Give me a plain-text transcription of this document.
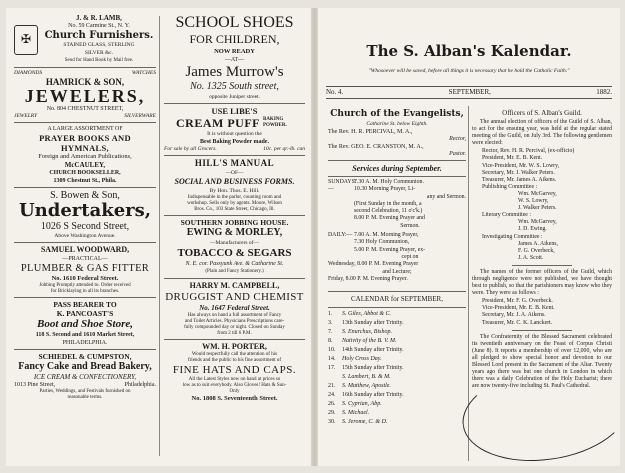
✠
J. & R. LAMB,
No. 59 Carmine St., N. Y.
Church Furnishers.
STAINED GLASS, STERLING
SILVER &c.
Send for Hand Book by Mail free.
DIAMONDS	WATCHES
HAMRICK & SON,
JEWELERS,
No. 804 CHESTNUT STREET,
JEWELRY	SILVERWARE
A LARGE ASSORTMENT OF
PRAYER BOOKS AND HYMNALS,
Foreign and American Publications,
McCAULEY,
CHURCH BOOKSELLER,
1309 Chestnut St., Phila.
S. Bowen & Son,
Undertakers,
1026 S Second Street,
Above Washington Avenue.
SAMUEL WOODWARD,
—PRACTICAL—
PLUMBER & GAS FITTER
No. 1610 Federal Street.
Jobbing Promptly attended to. Order received
for Bricklaying in all its branches.
PASS BEARER TO
K. PANCOAST'S
Boot and Shoe Store,
118 S. Second and 1610 Market Street,
PHILADELPHIA.
SCHIEDEL & CUMPSTON,
Fancy Cake and Bread Bakery,
ICE CREAM & CONFECTIONERY,
1013 Pine Street,	Philadelphia.
Parties, Weddings, and Festivals furnished on
reasonable terms.
SCHOOL SHOES
FOR CHILDREN,
NOW READY
—AT—
James Murrow's
No. 1325 South street,
opposite Juniper street.
USE LIBE'S
CREAM PUFF BAKING POWDER.
It is without question the
Best Baking Powder made.
For sale by all Grocers.	10c. per qr.-lb. can
HILL'S MANUAL
—OF—
SOCIAL AND BUSINESS FORMS.
By Hon. Thos. E. Hill.
Indispensable in the parlor, counting room and
workshop. Sells only by agents. Moore, Wilson
Bros. Co., 103 State Street, Chicago, Ill.
SOUTHERN JOBBING HOUSE.
EWING & MORLEY,
—Manufacturers of—
TOBACCO & SEGARS
N. E. cor. Passyunk Ave. & Catharine St.
(Plain and Fancy Stationery.)
HARRY M. CAMPBELL,
DRUGGIST AND CHEMIST
No. 1647 Federal Street.
Has always on hand a full assortment of Fancy
and Toilet Articles. Physicians Prescriptions care-
fully compounded day or night. Closed on Sunday
from 2 till 6 P.M.
WM. H. PORTER,
Would respectfully call the attention of his
friends and the public to his fine assortment of
FINE HATS AND CAPS.
All the Latest Styles now on hand at prices so
low as to suit everybody. Also Gloves! Hats & Sun-
Only
No. 1808 S. Seventeenth Street.
The S. Alban's Kalendar.
"Whosoever will be saved, before all things it is necessary that he hold the Catholic Faith."
No. 4.	SEPTEMBER,	1882.
Church of the Evangelists,
Catharine St. below Eighth.
The Rev. H. R. PERCIVAL, M. A.,
Rector,
The Rev. GEO. E. CRANSTON, M. A.,
Pastor.
Services during September.
SUNDAYS:—
7.30 A. M. Holy Communion.
10.30 Morning Prayer, Li-
any and Sermon.
(First Sunday in the month, a
second Celebration, 11 o'c'k.)
8.00 P. M. Evening Prayer and
Sermon.
DAILY:— 7.00 A. M. Morning Prayer,
7.30 Holy Communion,
5.00 P. M. Evening Prayer, ex-
cept on
Wednesday, 8.00 P. M. Evening Prayer
and Lecture;
Friday, 8.00 P. M. Evening Prayer.
CALENDAR for SEPTEMBER,
1.	S. Giles, Abbot & C.
3.	13th Sunday after Trinity.
7.	S. Enurchus, Bishop.
8.	Nativity of the B. V. M.
10.	14th Sunday after Trinity.
14.	Holy Cross Day.
17.	15th Sunday after Trinity.
S. Lambert, B. & M.
21.	S. Matthew, Apostle.
24.	16th Sunday after Trinity.
26.	S. Cyprian, Abp.
29.	S. Michael.
30.	S. Jerome, C. & D.
Officers of S. Alban's Guild.
The annual election of officers of the Guild of S. Alban, to act for the ensuing year, was held at the regular stated meeting of the Guild, on July 3rd. The following gentlemen were elected:
Rector, Rev. H. R. Percival, (ex-officio)
President, Mr. E. B. Kent.
Vice-President, Mr. W. S. Lowry,
Secretary, Mr. J. Walker Peters.
Treasurer, Mr. James A. Aikens.
Publishing Committee :
Wm. McGarvey,
W. S. Lowry,
J. Walker Peters.
Literary Committee :
Wm. McGarvey,
J. D. Ewing.
Investigating Committee :
James A. Aikens,
F. G. Overbeck,
J. A. Scott.
The names of the former officers of the Guild, which through negligence were not published, we have thought best to publish, so that the parishioners may know who they were. They were as follows :
President, Mr. F. G. Overbeck.
Vice-President, Mr. E. B. Kent.
Secretary, Mr. J. A. Aikens.
Treasurer, Mr. C. K. Lanckert.
The Confraternity of the Blessed Sacrament celebrated its twentieth anniversary on the Feast of Corpus Christi (June 8). It reports a membership of over 12,000, who are all pledged to show special honor and devotion to our Blessed Lord present in the Sacrament of the Altar. Twenty years ago there was but one church in London in which there was a daily Celebration of the Holy Eucharist; there are now twenty-five including St. Paul's Cathedral.
